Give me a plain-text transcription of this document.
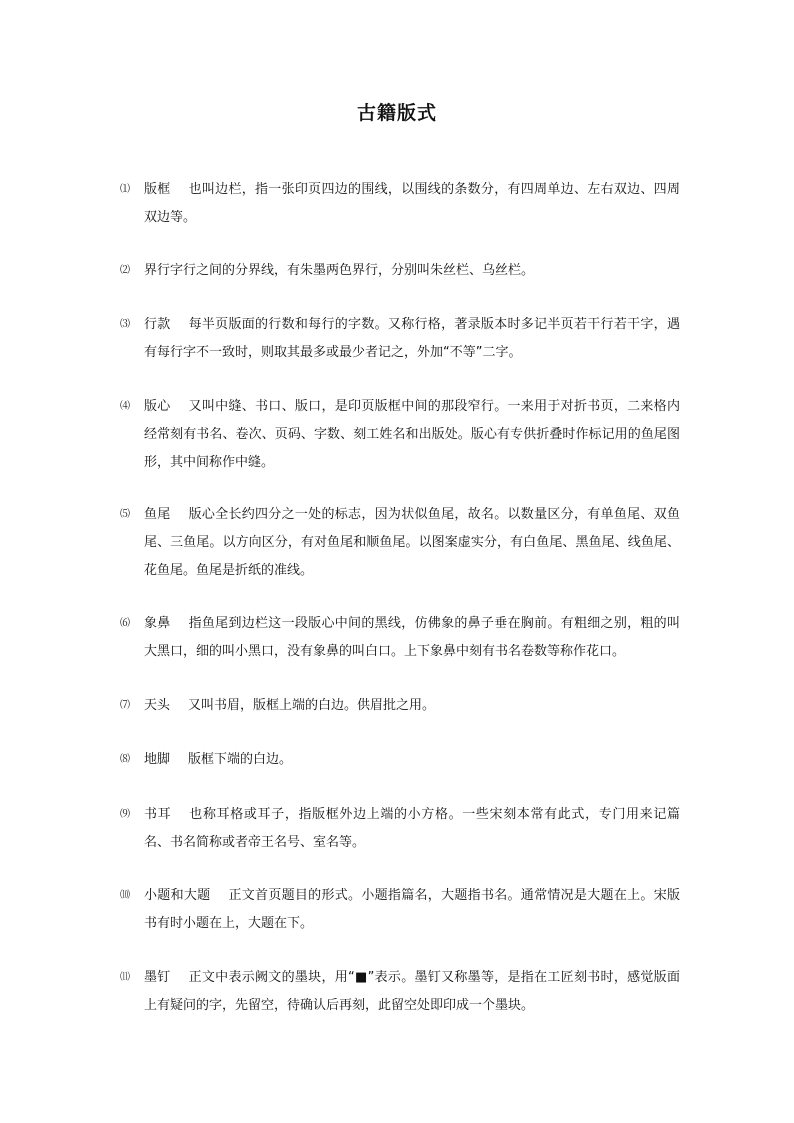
古籍版式
⑴	版框 也叫边栏，指一张印页四边的围线，以围线的条数分，有四周单边、左右双边、四周双边等。
⑵	界行字行之间的分界线，有朱墨两色界行，分别叫朱丝栏、乌丝栏。
⑶	行款 每半页版面的行数和每行的字数。又称行格，著录版本时多记半页若干行若干字，遇有每行字不一致时，则取其最多或最少者记之，外加“不等”二字。
⑷	版心 又叫中缝、书口、版口，是印页版框中间的那段窄行。一来用于对折书页，二来格内经常刻有书名、卷次、页码、字数、刻工姓名和出版处。版心有专供折叠时作标记用的鱼尾图形，其中间称作中缝。
⑸	鱼尾 版心全长约四分之一处的标志，因为状似鱼尾，故名。以数量区分，有单鱼尾、双鱼尾、三鱼尾。以方向区分，有对鱼尾和顺鱼尾。以图案虚实分，有白鱼尾、黑鱼尾、线鱼尾、花鱼尾。鱼尾是折纸的准线。
⑹	象鼻 指鱼尾到边栏这一段版心中间的黑线，仿佛象的鼻子垂在胸前。有粗细之别，粗的叫大黑口，细的叫小黑口，没有象鼻的叫白口。上下象鼻中刻有书名卷数等称作花口。
⑺	天头 又叫书眉，版框上端的白边。供眉批之用。
⑻	地脚 版框下端的白边。
⑼	书耳 也称耳格或耳子，指版框外边上端的小方格。一些宋刻本常有此式，专门用来记篇名、书名简称或者帝王名号、室名等。
⑽	小题和大题 正文首页题目的形式。小题指篇名，大题指书名。通常情况是大题在上。宋版书有时小题在上，大题在下。
⑾	墨钉 正文中表示阙文的墨块，用“■”表示。墨钉又称墨等，是指在工匠刻书时，感觉版面上有疑问的字，先留空，待确认后再刻，此留空处即印成一个墨块。
